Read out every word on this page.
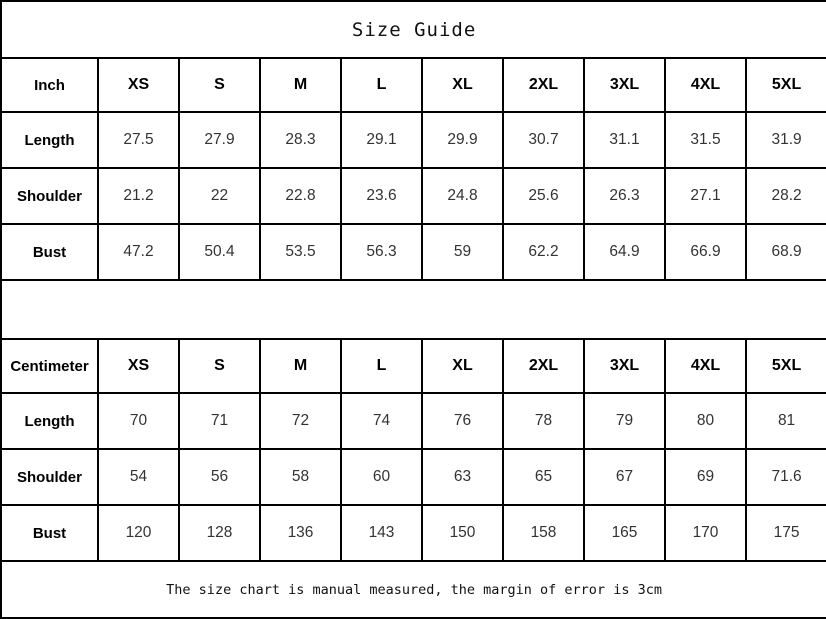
Size Guide									
Inch	XS	S	M	L	XL	2XL	3XL	4XL	5XL
Length	27.5	27.9	28.3	29.1	29.9	30.7	31.1	31.5	31.9
Shoulder	21.2	22	22.8	23.6	24.8	25.6	26.3	27.1	28.2
Bust	47.2	50.4	53.5	56.3	59	62.2	64.9	66.9	68.9

Centimeter	XS	S	M	L	XL	2XL	3XL	4XL	5XL
Length	70	71	72	74	76	78	79	80	81
Shoulder	54	56	58	60	63	65	67	69	71.6
Bust	120	128	136	143	150	158	165	170	175
The size chart is manual measured, the margin of error is 3cm									
